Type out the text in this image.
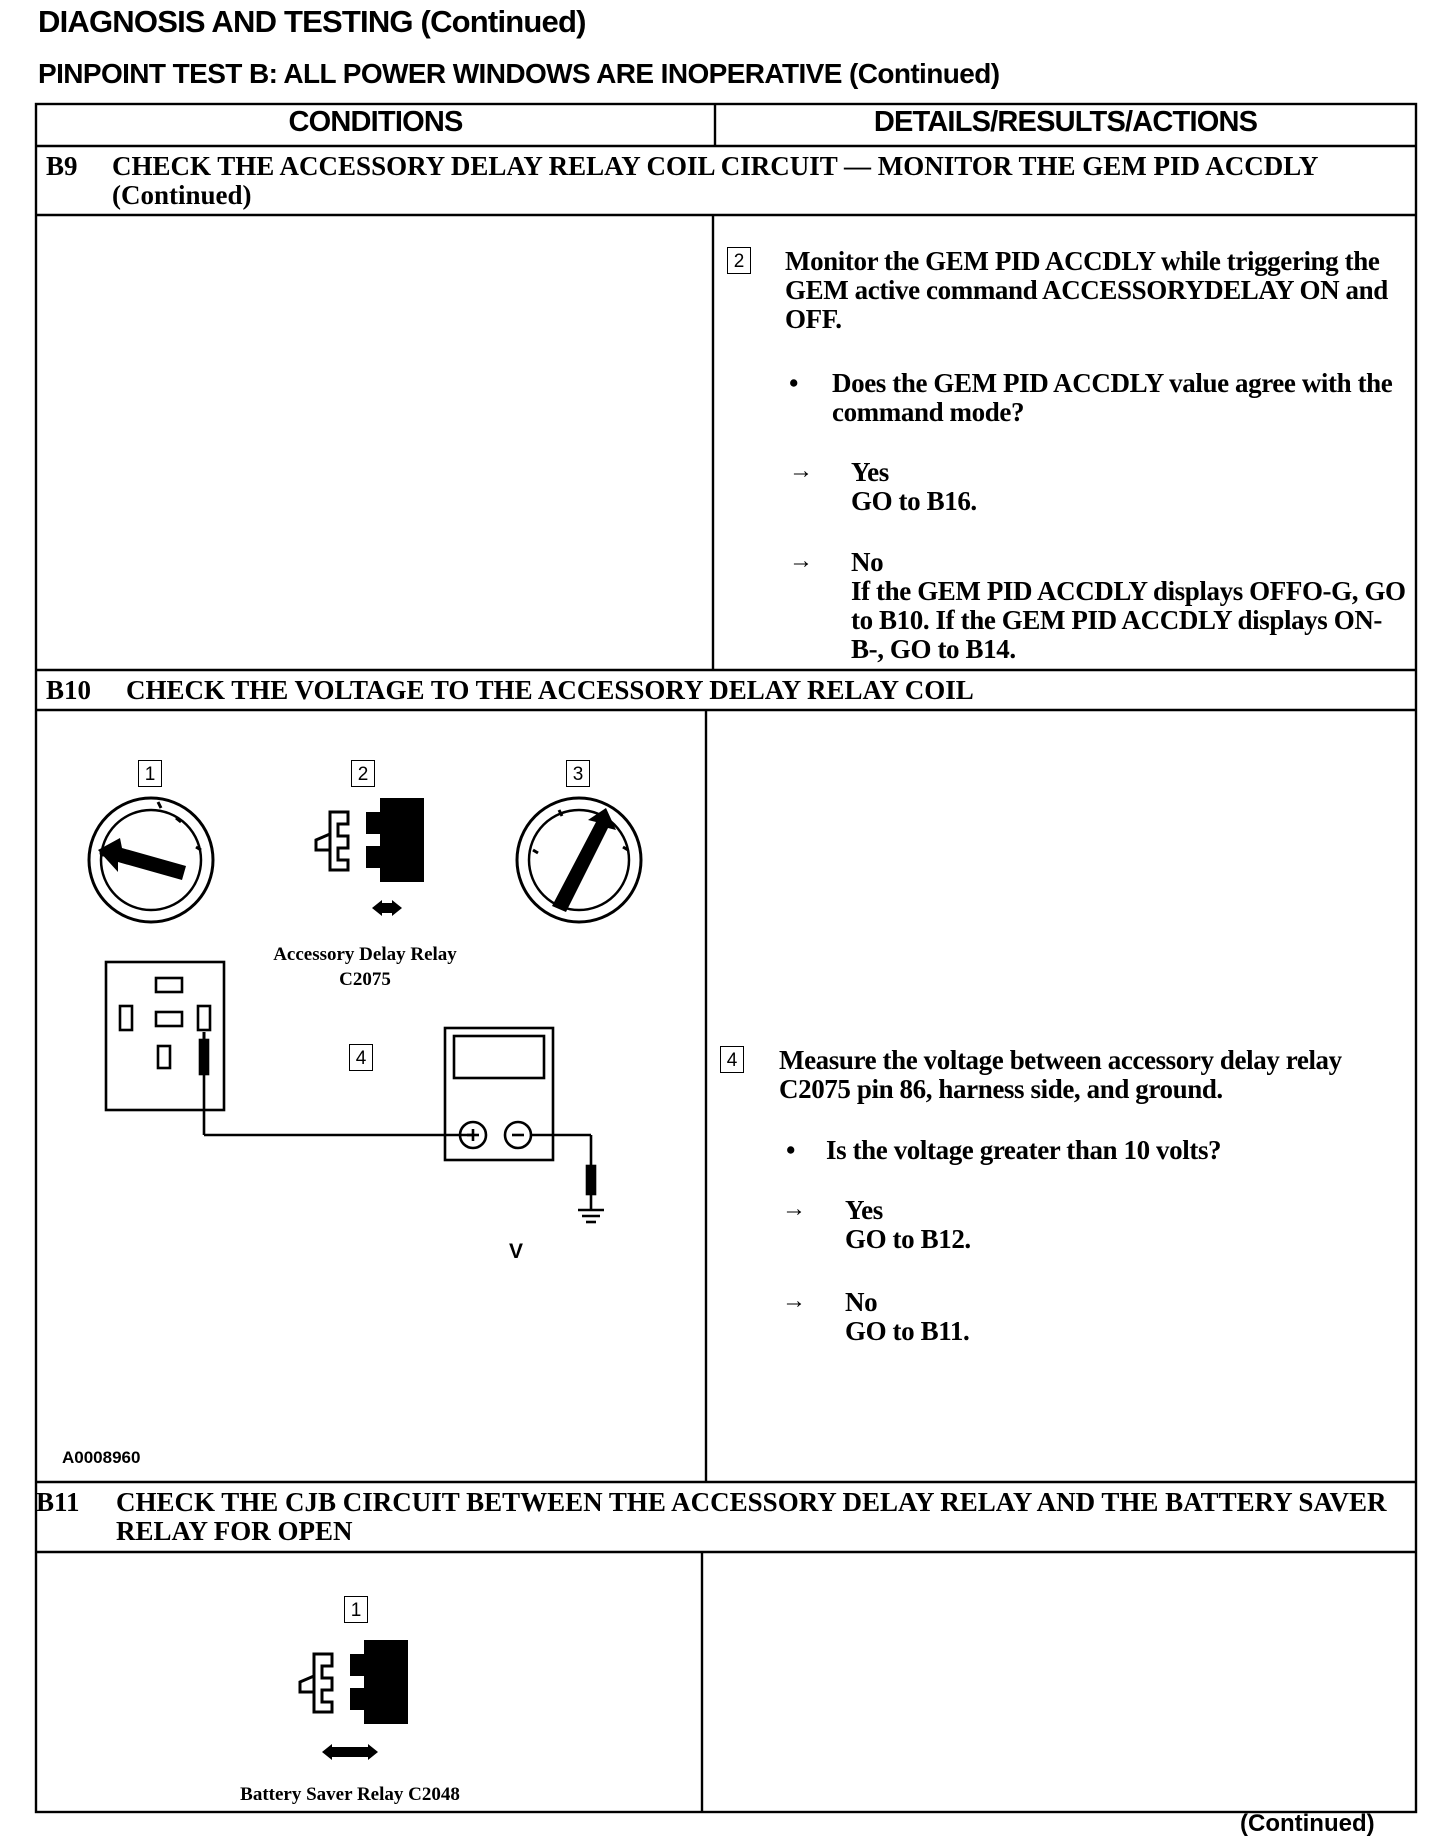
DIAGNOSIS AND TESTING (Continued)
PINPOINT TEST B: ALL POWER WINDOWS ARE INOPERATIVE (Continued)
CONDITIONS	DETAILS/RESULTS/ACTIONS
B9 CHECK THE ACCESSORY DELAY RELAY COIL CIRCUIT — MONITOR THE GEM PID ACCDLY (Continued)
2 Monitor the GEM PID ACCDLY while triggering the GEM active command ACCESSORYDELAY ON and OFF.
• Does the GEM PID ACCDLY value agree with the command mode?
→ Yes
GO to B16.
→ No
If the GEM PID ACCDLY displays OFFO-G, GO to B10. If the GEM PID ACCDLY displays ON-B-, GO to B14.
B10 CHECK THE VOLTAGE TO THE ACCESSORY DELAY RELAY COIL
1	2	3
4
Accessory Delay Relay
C2075
V
A0008960
4 Measure the voltage between accessory delay relay C2075 pin 86, harness side, and ground.
• Is the voltage greater than 10 volts?
→ Yes
GO to B12.
→ No
GO to B11.
B11 CHECK THE CJB CIRCUIT BETWEEN THE ACCESSORY DELAY RELAY AND THE BATTERY SAVER RELAY FOR OPEN
1
Battery Saver Relay C2048
(Continued)
